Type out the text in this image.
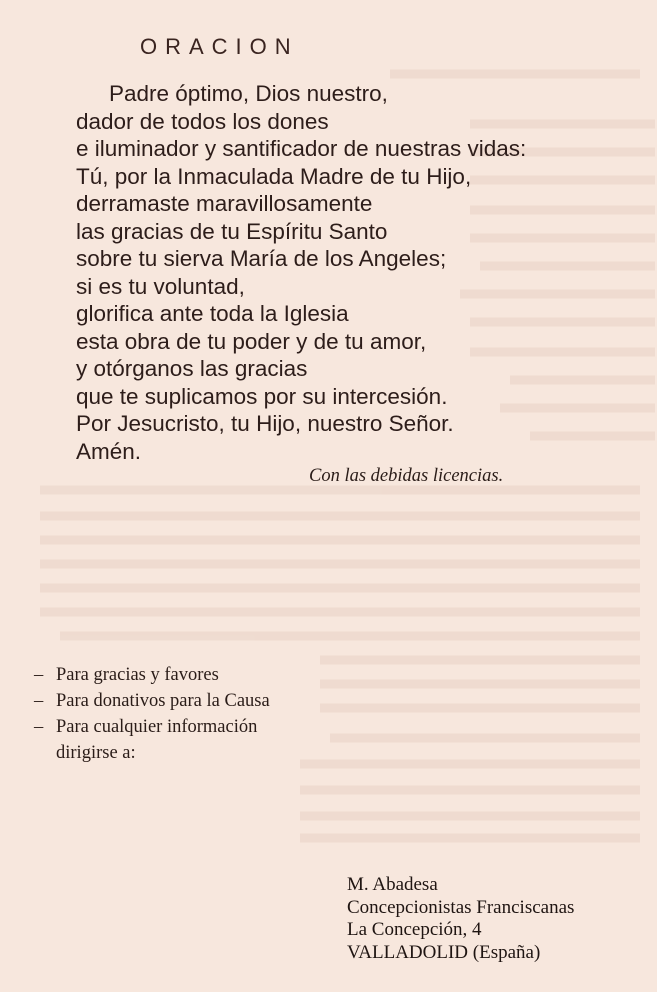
ORACION
Padre óptimo, Dios nuestro,
dador de todos los dones
e iluminador y santificador de nuestras vidas:
Tú, por la Inmaculada Madre de tu Hijo,
derramaste maravillosamente
las gracias de tu Espíritu Santo
sobre tu sierva María de los Angeles;
si es tu voluntad,
glorifica ante toda la Iglesia
esta obra de tu poder y de tu amor,
y otórganos las gracias
que te suplicamos por su intercesión.
Por Jesucristo, tu Hijo, nuestro Señor.
Amén.
Con las debidas licencias.
– Para gracias y favores
– Para donativos para la Causa
– Para cualquier información
dirigirse a:
M. Abadesa
Concepcionistas Franciscanas
La Concepción, 4
VALLADOLID (España)
